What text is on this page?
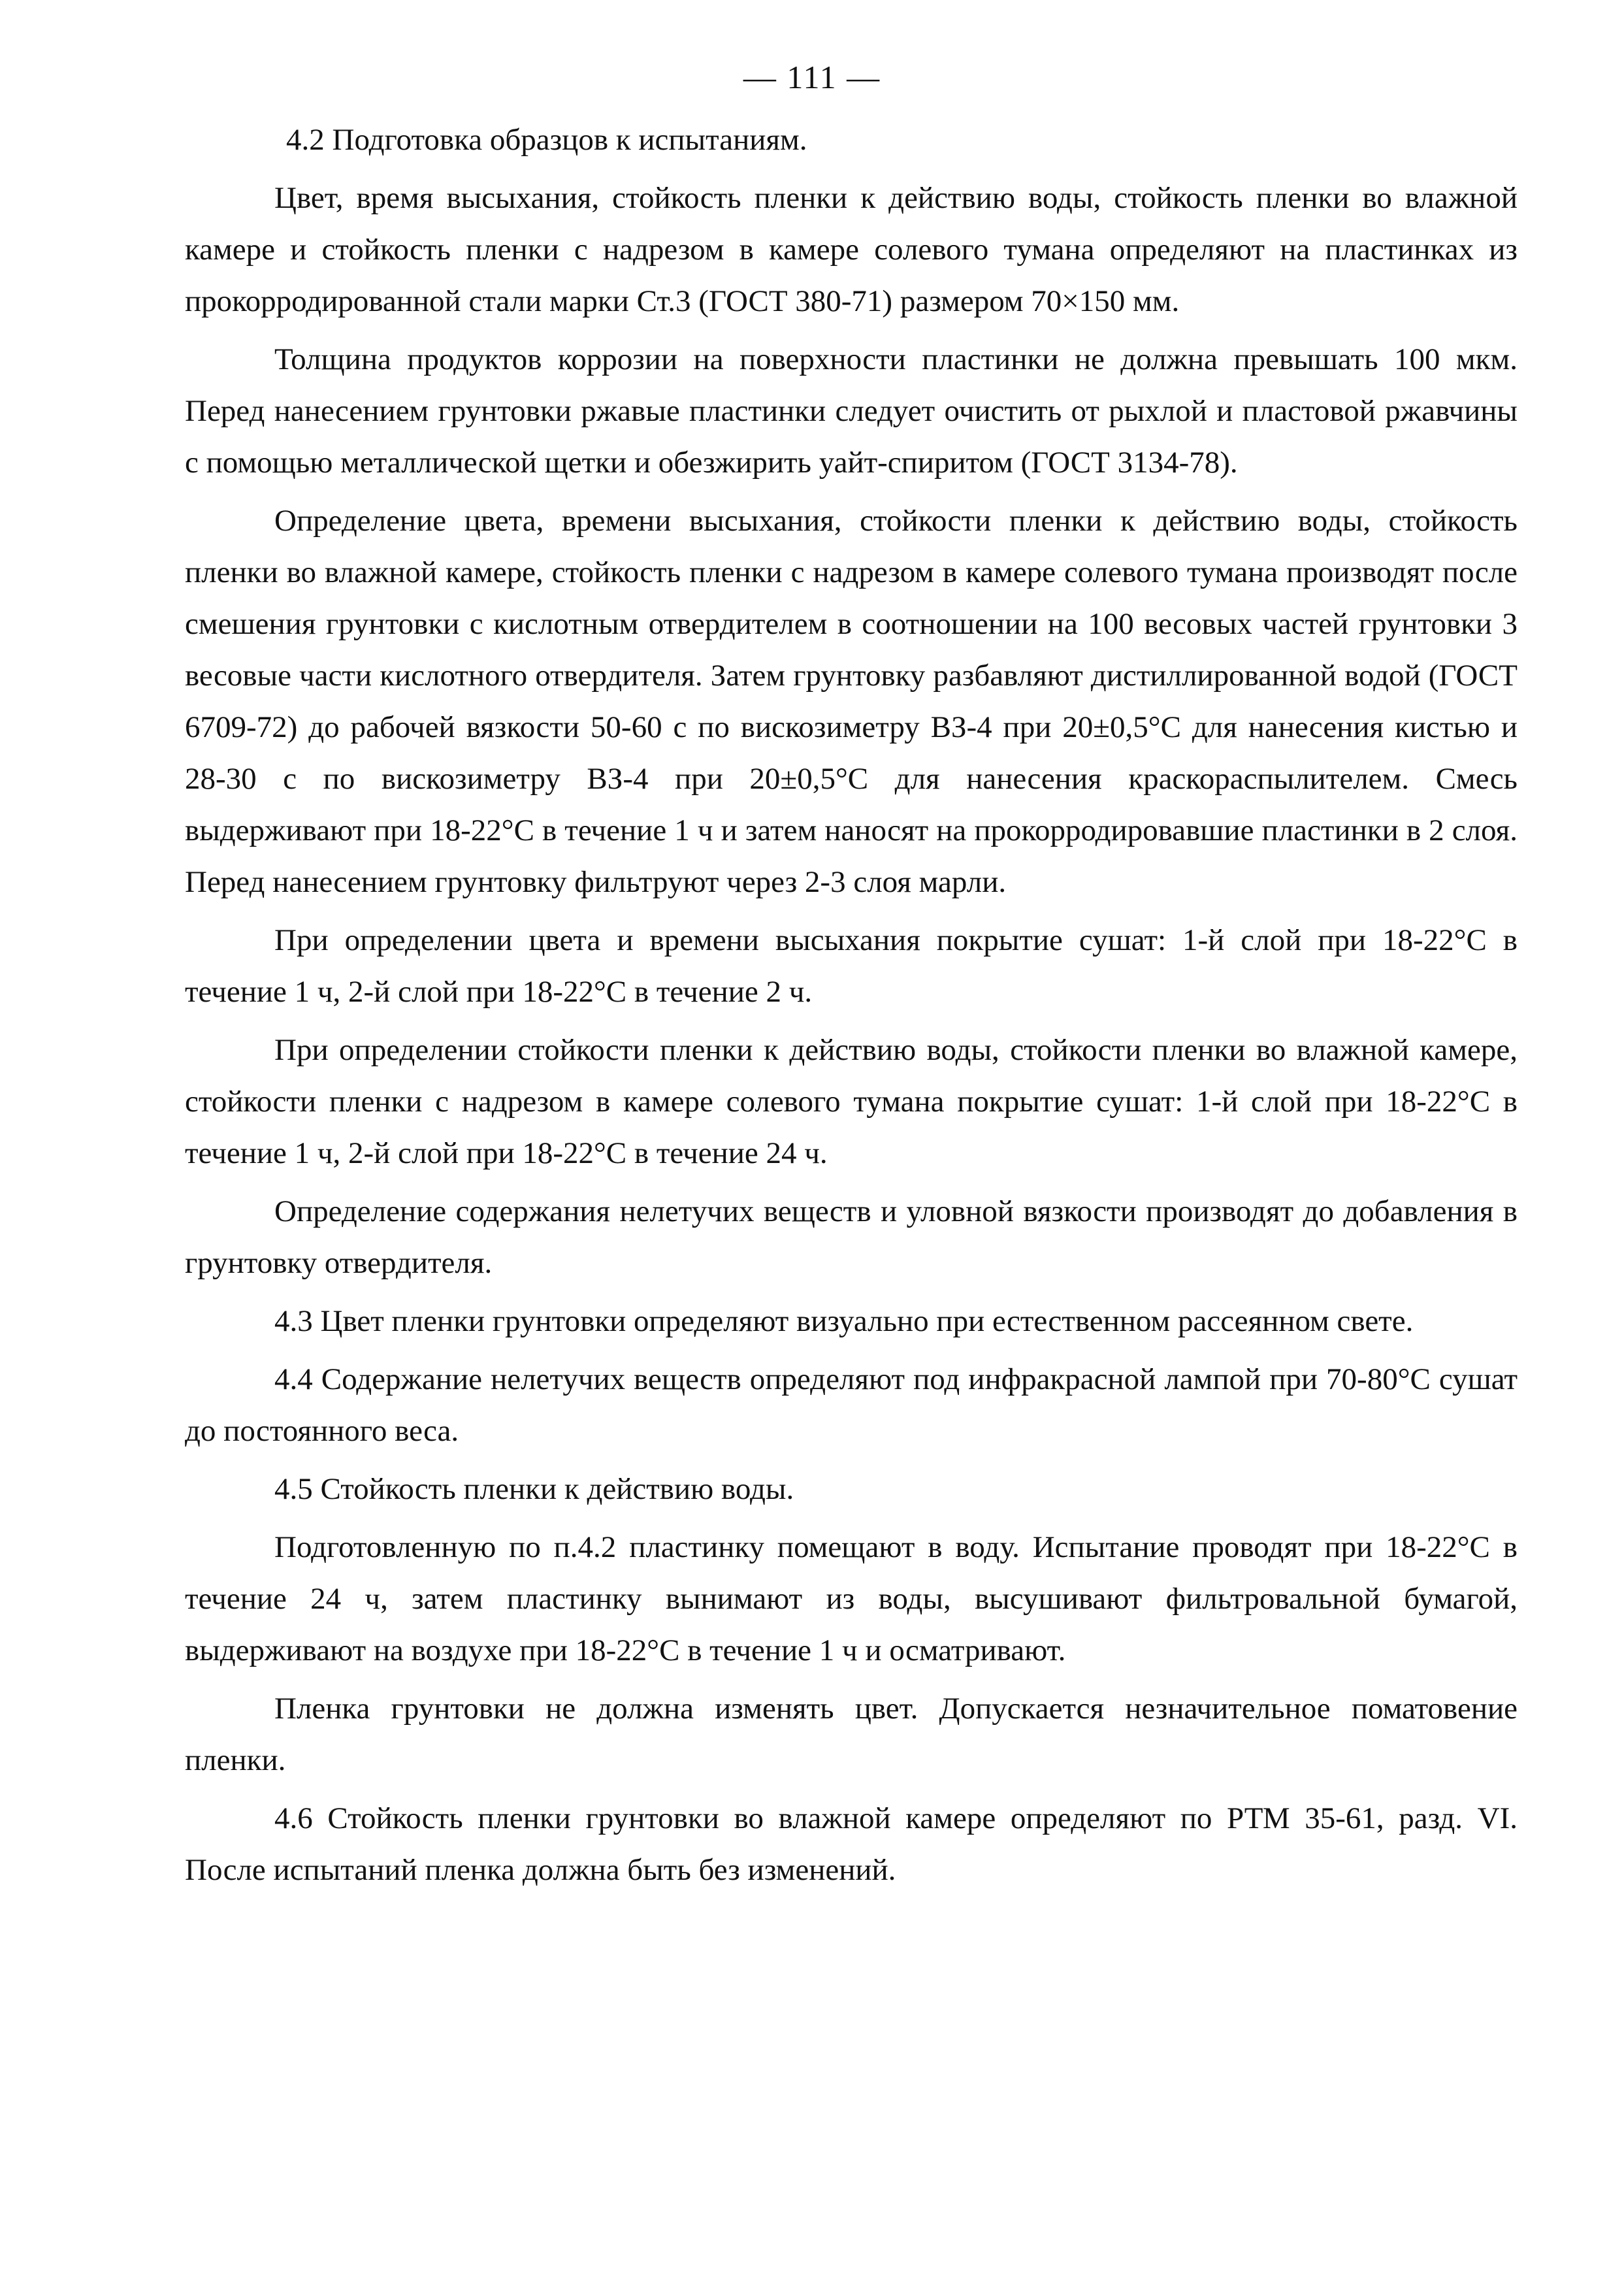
— 111 —

4.2 Подготовка образцов к испытаниям.

Цвет, время высыхания, стойкость пленки к действию воды, стойкость пленки во влажной камере и стойкость пленки с надрезом в камере солевого тумана определяют на пластинках из прокорродированной стали марки Ст.3 (ГОСТ 380-71) размером 70×150 мм.

Толщина продуктов коррозии на поверхности пластинки не должна превышать 100 мкм. Перед нанесением грунтовки ржавые пластинки следует очистить от рыхлой и пластовой ржавчины с помощью металлической щетки и обезжирить уайт-спиритом (ГОСТ 3134-78).

Определение цвета, времени высыхания, стойкости пленки к действию воды, стойкость пленки во влажной камере, стойкость пленки с надрезом в камере солевого тумана производят после смешения грунтовки с кислотным отвердителем в соотношении на 100 весовых частей грунтовки 3 весовые части кислотного отвердителя. Затем грунтовку разбавляют дистиллированной водой (ГОСТ 6709-72) до рабочей вязкости 50-60 с по вискозиметру ВЗ-4 при 20±0,5°С для нанесения кистью и 28-30 с по вискозиметру ВЗ-4 при 20±0,5°С для нанесения краскораспылителем. Смесь выдерживают при 18-22°С в течение 1 ч и затем наносят на прокорродировавшие пластинки в 2 слоя. Перед нанесением грунтовку фильтруют через 2-3 слоя марли.

При определении цвета и времени высыхания покрытие сушат: 1-й слой при 18-22°С в течение 1 ч, 2-й слой при 18-22°С в течение 2 ч.

При определении стойкости пленки к действию воды, стойкости пленки во влажной камере, стойкости пленки с надрезом в камере солевого тумана покрытие сушат: 1-й слой при 18-22°С в течение 1 ч, 2-й слой при 18-22°С в течение 24 ч.

Определение содержания нелетучих веществ и уловной вязкости производят до добавления в грунтовку отвердителя.

4.3 Цвет пленки грунтовки определяют визуально при естественном рассеянном свете.

4.4 Содержание нелетучих веществ определяют под инфракрасной лампой при 70-80°С сушат до постоянного веса.

4.5 Стойкость пленки к действию воды.

Подготовленную по п.4.2 пластинку помещают в воду. Испытание проводят при 18-22°С в течение 24 ч, затем пластинку вынимают из воды, высушивают фильтровальной бумагой, выдерживают на воздухе при 18-22°С в течение 1 ч и осматривают.

Пленка грунтовки не должна изменять цвет. Допускается незначительное поматовение пленки.

4.6 Стойкость пленки грунтовки во влажной камере определяют по РТМ 35-61, разд. VI. После испытаний пленка должна быть без изменений.
